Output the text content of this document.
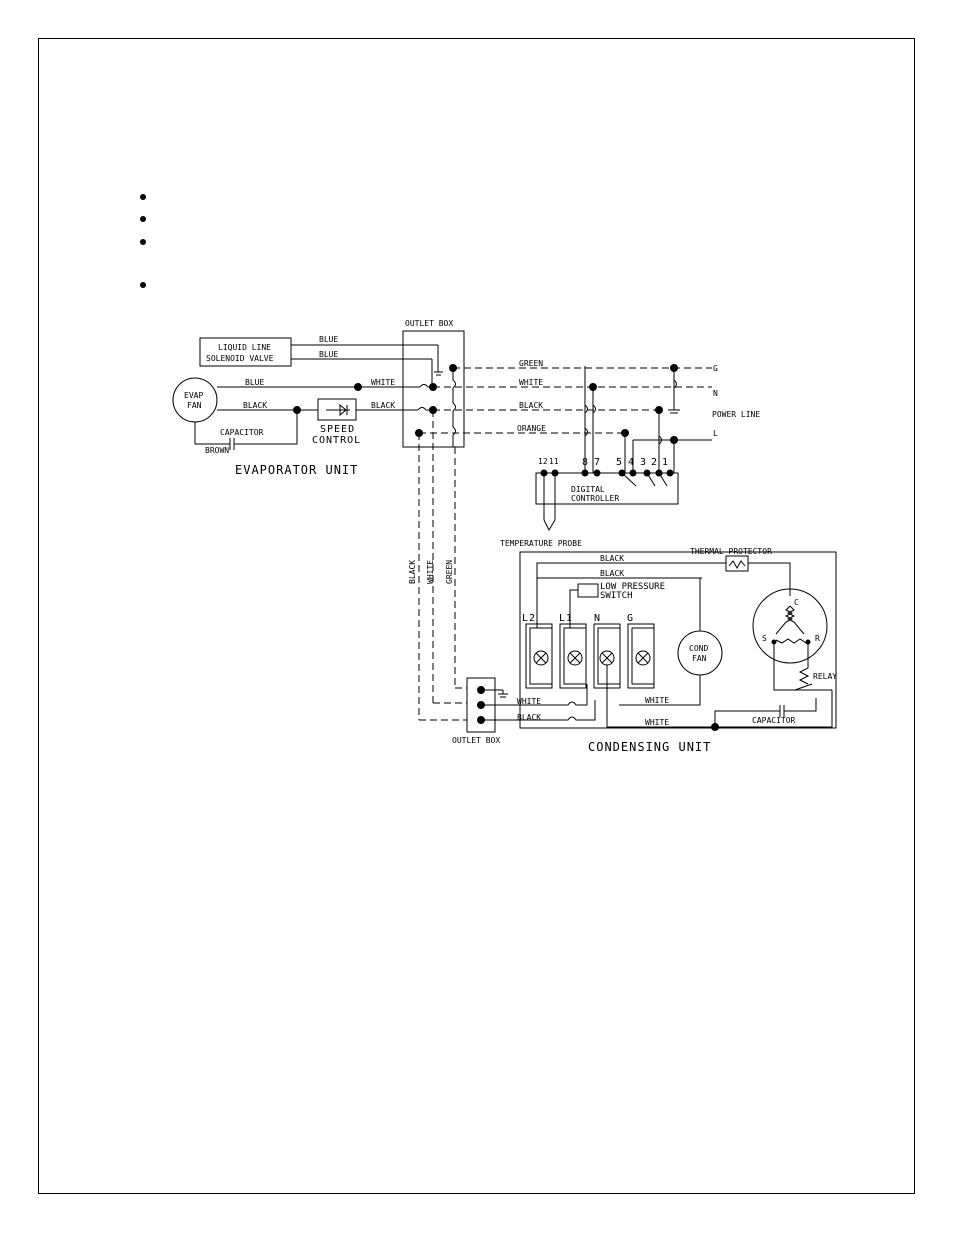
LIQUID LINE
SOLENOID VALVE
BLUE
BLUE
EVAP
FAN
BLUE	WHITE
BLACK
CAPACITOR
BROWN
SPEED
CONTROL
BLACK
EVAPORATOR UNIT
OUTLET BOX
GREEN
WHITE
BLACK
ORANGE
G
N
POWER LINE
L
12 11 8 7 5 4 3 2 1
DIGITAL
CONTROLLER
TEMPERATURE PROBE
BLACK WHITE GREEN
OUTLET BOX
BLACK
BLACK
THERMAL PROTECTOR
LOW PRESSURE
SWITCH
L2 L1 N	G
COND
FAN
WHITE
C
S	R
RELAY
WHITE	CAPACITOR
WHITE
BLACK
CONDENSING UNIT
